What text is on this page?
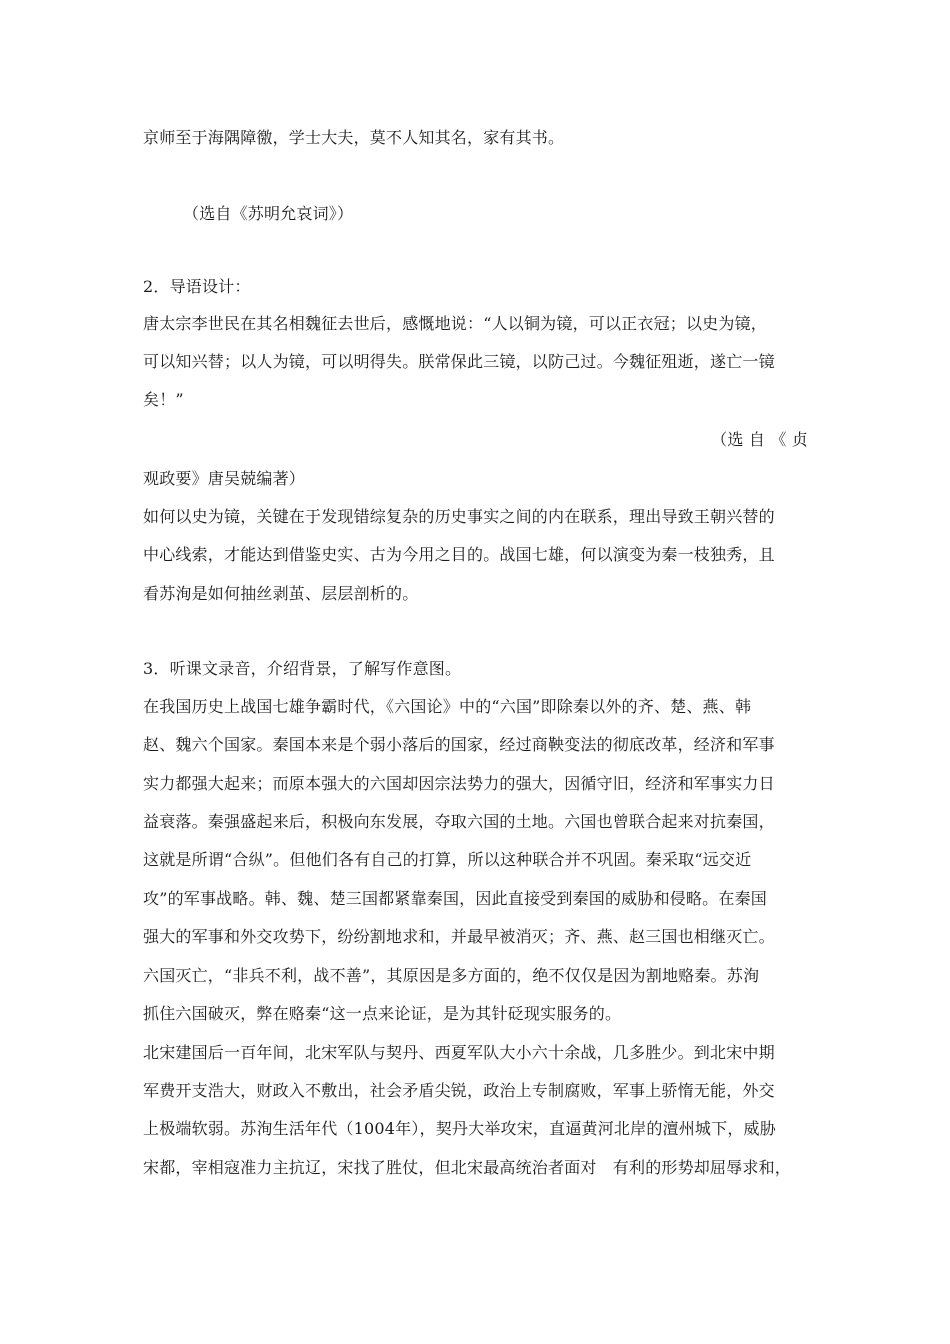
京师至于海隅障徼，学士大夫，莫不人知其名，家有其书。
（选自《苏明允哀词》）
2．导语设计：
唐太宗李世民在其名相魏征去世后，感慨地说：“人以铜为镜，可以正衣冠；以史为镜，
可以知兴替；以人为镜，可以明得失。朕常保此三镜，以防己过。今魏征殂逝，遂亡一镜
矣！”
（选 自 《 贞
观政要》唐吴兢编著）
如何以史为镜，关键在于发现错综复杂的历史事实之间的内在联系，理出导致王朝兴替的
中心线索，才能达到借鉴史实、古为今用之目的。战国七雄，何以演变为秦一枝独秀，且
看苏洵是如何抽丝剥茧、层层剖析的。
3．听课文录音，介绍背景，了解写作意图。
在我国历史上战国七雄争霸时代，《六国论》中的“六国”即除秦以外的齐、楚、燕、韩
赵、魏六个国家。秦国本来是个弱小落后的国家，经过商鞅变法的彻底改革，经济和军事
实力都强大起来；而原本强大的六国却因宗法势力的强大，因循守旧，经济和军事实力日
益衰落。秦强盛起来后，积极向东发展，夺取六国的土地。六国也曾联合起来对抗秦国，
这就是所谓“合纵”。但他们各有自己的打算，所以这种联合并不巩固。秦采取“远交近
攻”的军事战略。韩、魏、楚三国都紧靠秦国，因此直接受到秦国的威胁和侵略。在秦国
强大的军事和外交攻势下，纷纷割地求和，并最早被消灭；齐、燕、赵三国也相继灭亡。
六国灭亡，“非兵不利，战不善”，其原因是多方面的，绝不仅仅是因为割地赂秦。苏洵
抓住六国破灭，弊在赂秦“这一点来论证，是为其针砭现实服务的。
北宋建国后一百年间，北宋军队与契丹、西夏军队大小六十余战，几多胜少。到北宋中期
军费开支浩大，财政入不敷出，社会矛盾尖锐，政治上专制腐败，军事上骄惰无能，外交
上极端软弱。苏洵生活年代（1004年），契丹大举攻宋，直逼黄河北岸的澶州城下，威胁
宋都，宰相寇准力主抗辽，宋找了胜仗，但北宋最高统治者面对　有利的形势却屈辱求和，
